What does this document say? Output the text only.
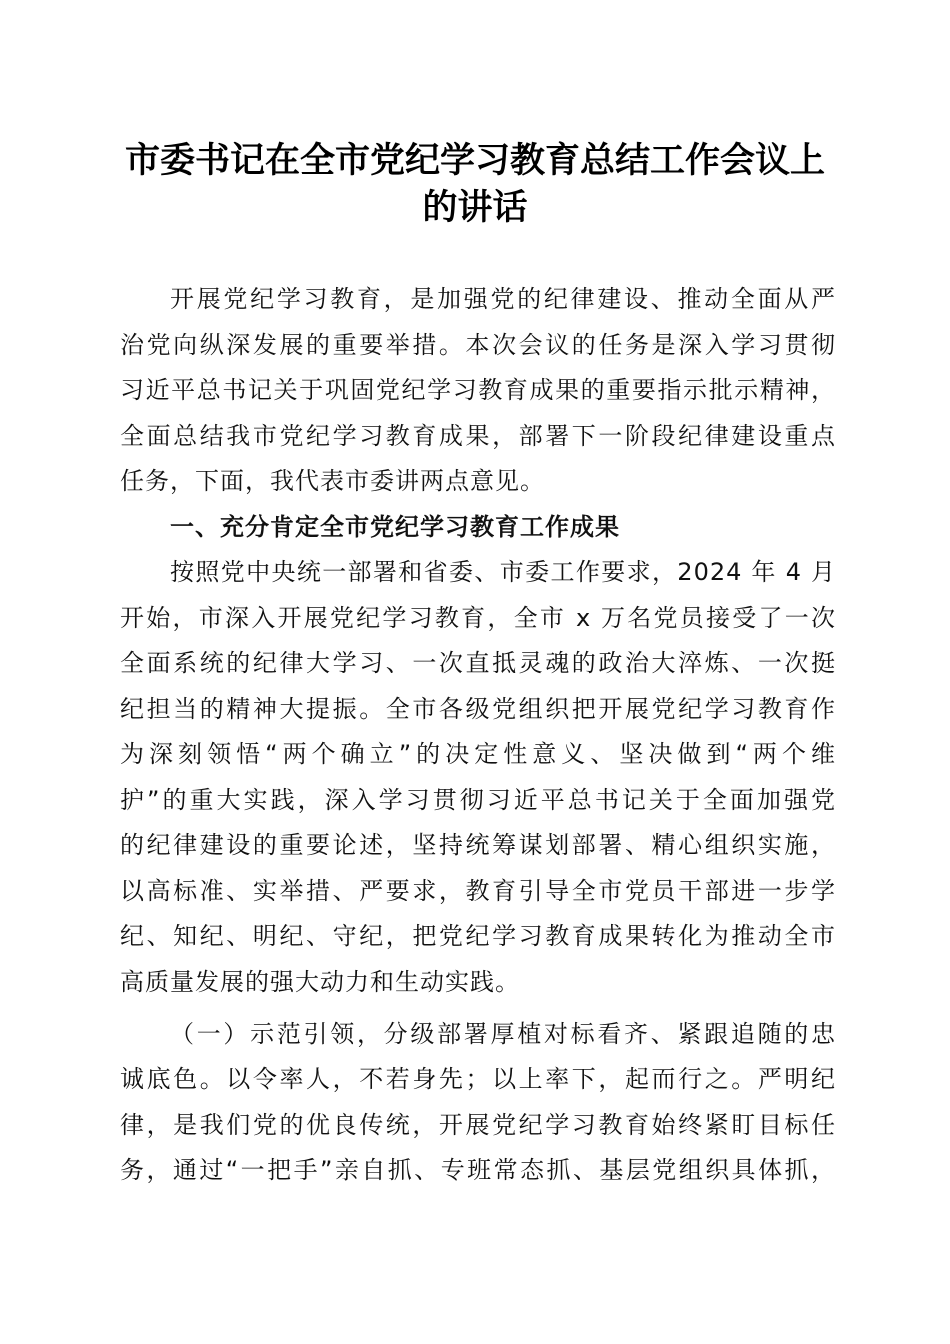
市委书记在全市党纪学习教育总结工作会议上
的讲话
开展党纪学习教育，是加强党的纪律建设、推动全面从严
治党向纵深发展的重要举措。本次会议的任务是深入学习贯彻
习近平总书记关于巩固党纪学习教育成果的重要指示批示精神，
全面总结我市党纪学习教育成果，部署下一阶段纪律建设重点
任务，下面，我代表市委讲两点意见。
一、充分肯定全市党纪学习教育工作成果
按照党中央统一部署和省委、市委工作要求，2024 年 4 月
开始，市深入开展党纪学习教育，全市 x 万名党员接受了一次
全面系统的纪律大学习、一次直抵灵魂的政治大淬炼、一次挺
纪担当的精神大提振。全市各级党组织把开展党纪学习教育作
为深刻领悟“两个确立”的决定性意义、坚决做到“两个维
护”的重大实践，深入学习贯彻习近平总书记关于全面加强党
的纪律建设的重要论述，坚持统筹谋划部署、精心组织实施，
以高标准、实举措、严要求，教育引导全市党员干部进一步学
纪、知纪、明纪、守纪，把党纪学习教育成果转化为推动全市
高质量发展的强大动力和生动实践。
（一）示范引领，分级部署厚植对标看齐、紧跟追随的忠
诚底色。以令率人，不若身先；以上率下，起而行之。严明纪
律，是我们党的优良传统，开展党纪学习教育始终紧盯目标任
务，通过“一把手”亲自抓、专班常态抓、基层党组织具体抓，
